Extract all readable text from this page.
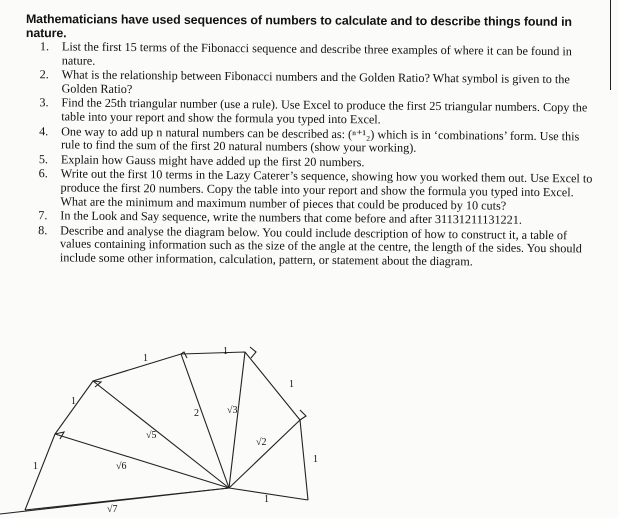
Mathematicians have used sequences of numbers to calculate and to describe things found in nature.
1.	List the first 15 terms of the Fibonacci sequence and describe three examples of where it can be found in nature.
2.	What is the relationship between Fibonacci numbers and the Golden Ratio? What symbol is given to the Golden Ratio?
3.	Find the 25th triangular number (use a rule). Use Excel to produce the first 25 triangular numbers. Copy the table into your report and show the formula you typed into Excel.
4.	One way to add up n natural numbers can be described as: (ⁿ⁺¹₂) which is in ‘combinations’ form. Use this rule to find the sum of the first 20 natural numbers (show your working).
5.	Explain how Gauss might have added up the first 20 numbers.
6.	Write out the first 10 terms in the Lazy Caterer’s sequence, showing how you worked them out. Use Excel to produce the first 20 numbers. Copy the table into your report and show the formula you typed into Excel. What are the minimum and maximum number of pieces that could be produced by 10 cuts?
7.	In the Look and Say sequence, write the numbers that come before and after 31131211131221.
8.	Describe and analyse the diagram below. You could include description of how to construct it, a table of values containing information such as the size of the angle at the centre, the length of the sides. You should include some other information, calculation, pattern, or statement about the diagram.
1
1
1
1
1
1
1
√2
√3
2
√5
√6
√7
